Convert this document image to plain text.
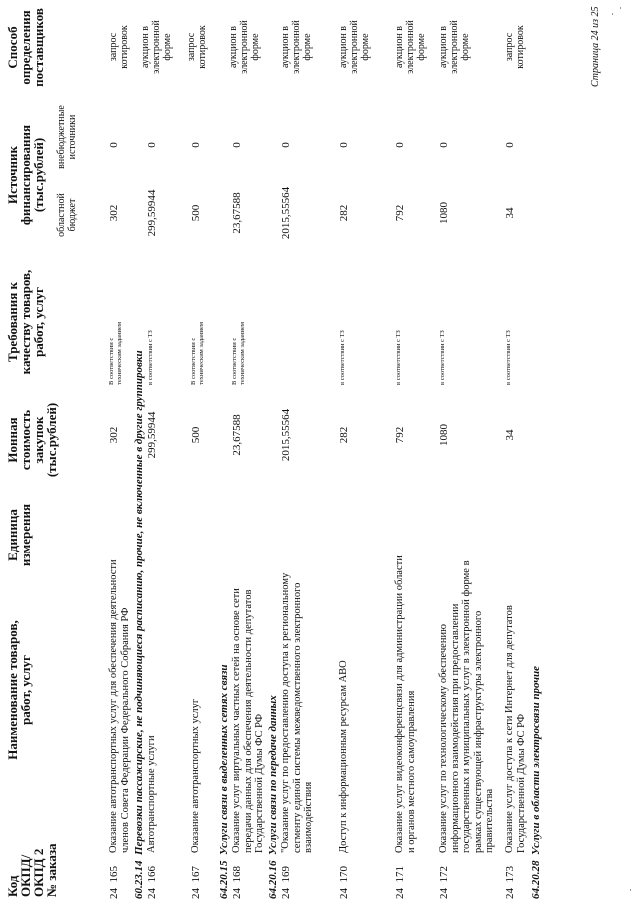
Код
ОКПД/
ОКПД 2
№ заказа
Наименование товаров,
работ, услуг
Единица
измерения
Ионная
стоимость
закупок
(тыс.рублей)
Требования к
качеству товаров,
работ, услуг
Источник
финансирования
(тыс.рублей)
областной
бюджет
внебюджетные
источники
Способ
определения
поставщиков
24  165
Оказание автотранспортных услуг для обеспечения деятельности членов Совета Федерации Федерального Собрания РФ
302
В соответствии с техническим заданием
302
0
запрос котировок
60.23.14  Перевозки пассажирские, не подчиняющиеся расписанию, прочие, не включенные в другие группировки
24  166
Автотранспортные услуги
299,59944
в соответствии с ТЗ
299,59944
0
аукцион в электронной форме
24  167
Оказание автотранспортных услуг
500
В соответствии с техническим заданием
500
0
запрос котировок
64.20.15  Услуги связи в выделенных сетях связи
24  168
Оказание услуг виртуальных частных сетей на основе сети передачи данных для обеспечения деятельности депутатов Государственной Думы ФС РФ
23,67588
В соответствии с техническим заданием
23,67588
0
аукцион в электронной форме
64.20.16  Услуги связи по передаче данных
24  169
"Оказание услуг по предоставлению доступа к региональному сегменту единой системы межведомственного электронного взаимодействия
2015,55564
2015,55564
0
аукцион в электронной форме
24  170
Доступ к информационным ресурсам АВО
282
в соответствии с ТЗ
282
0
аукцион в электронной форме
24  171
Оказание услуг видеоконференцсвязи для администрации области и органов местного самоуправления
792
в соответствии с ТЗ
792
0
аукцион в электронной форме
24  172
Оказание услуг по технологическому обеспечению информационного взаимодействия при предоставлении государственных и муниципальных услуг в электронной форме в рамках существующей инфраструктуры электронного правительства
1080
в соответствии с ТЗ
1080
0
аукцион в электронной форме
24  173
Оказание услуг доступа к сети Интернет для депутатов Государственной Думы ФС РФ
34
в соответствии с ТЗ
34
0
запрос котировок
64.20.28  Услуги в области электросвязи прочие
Страница 24 из 25
